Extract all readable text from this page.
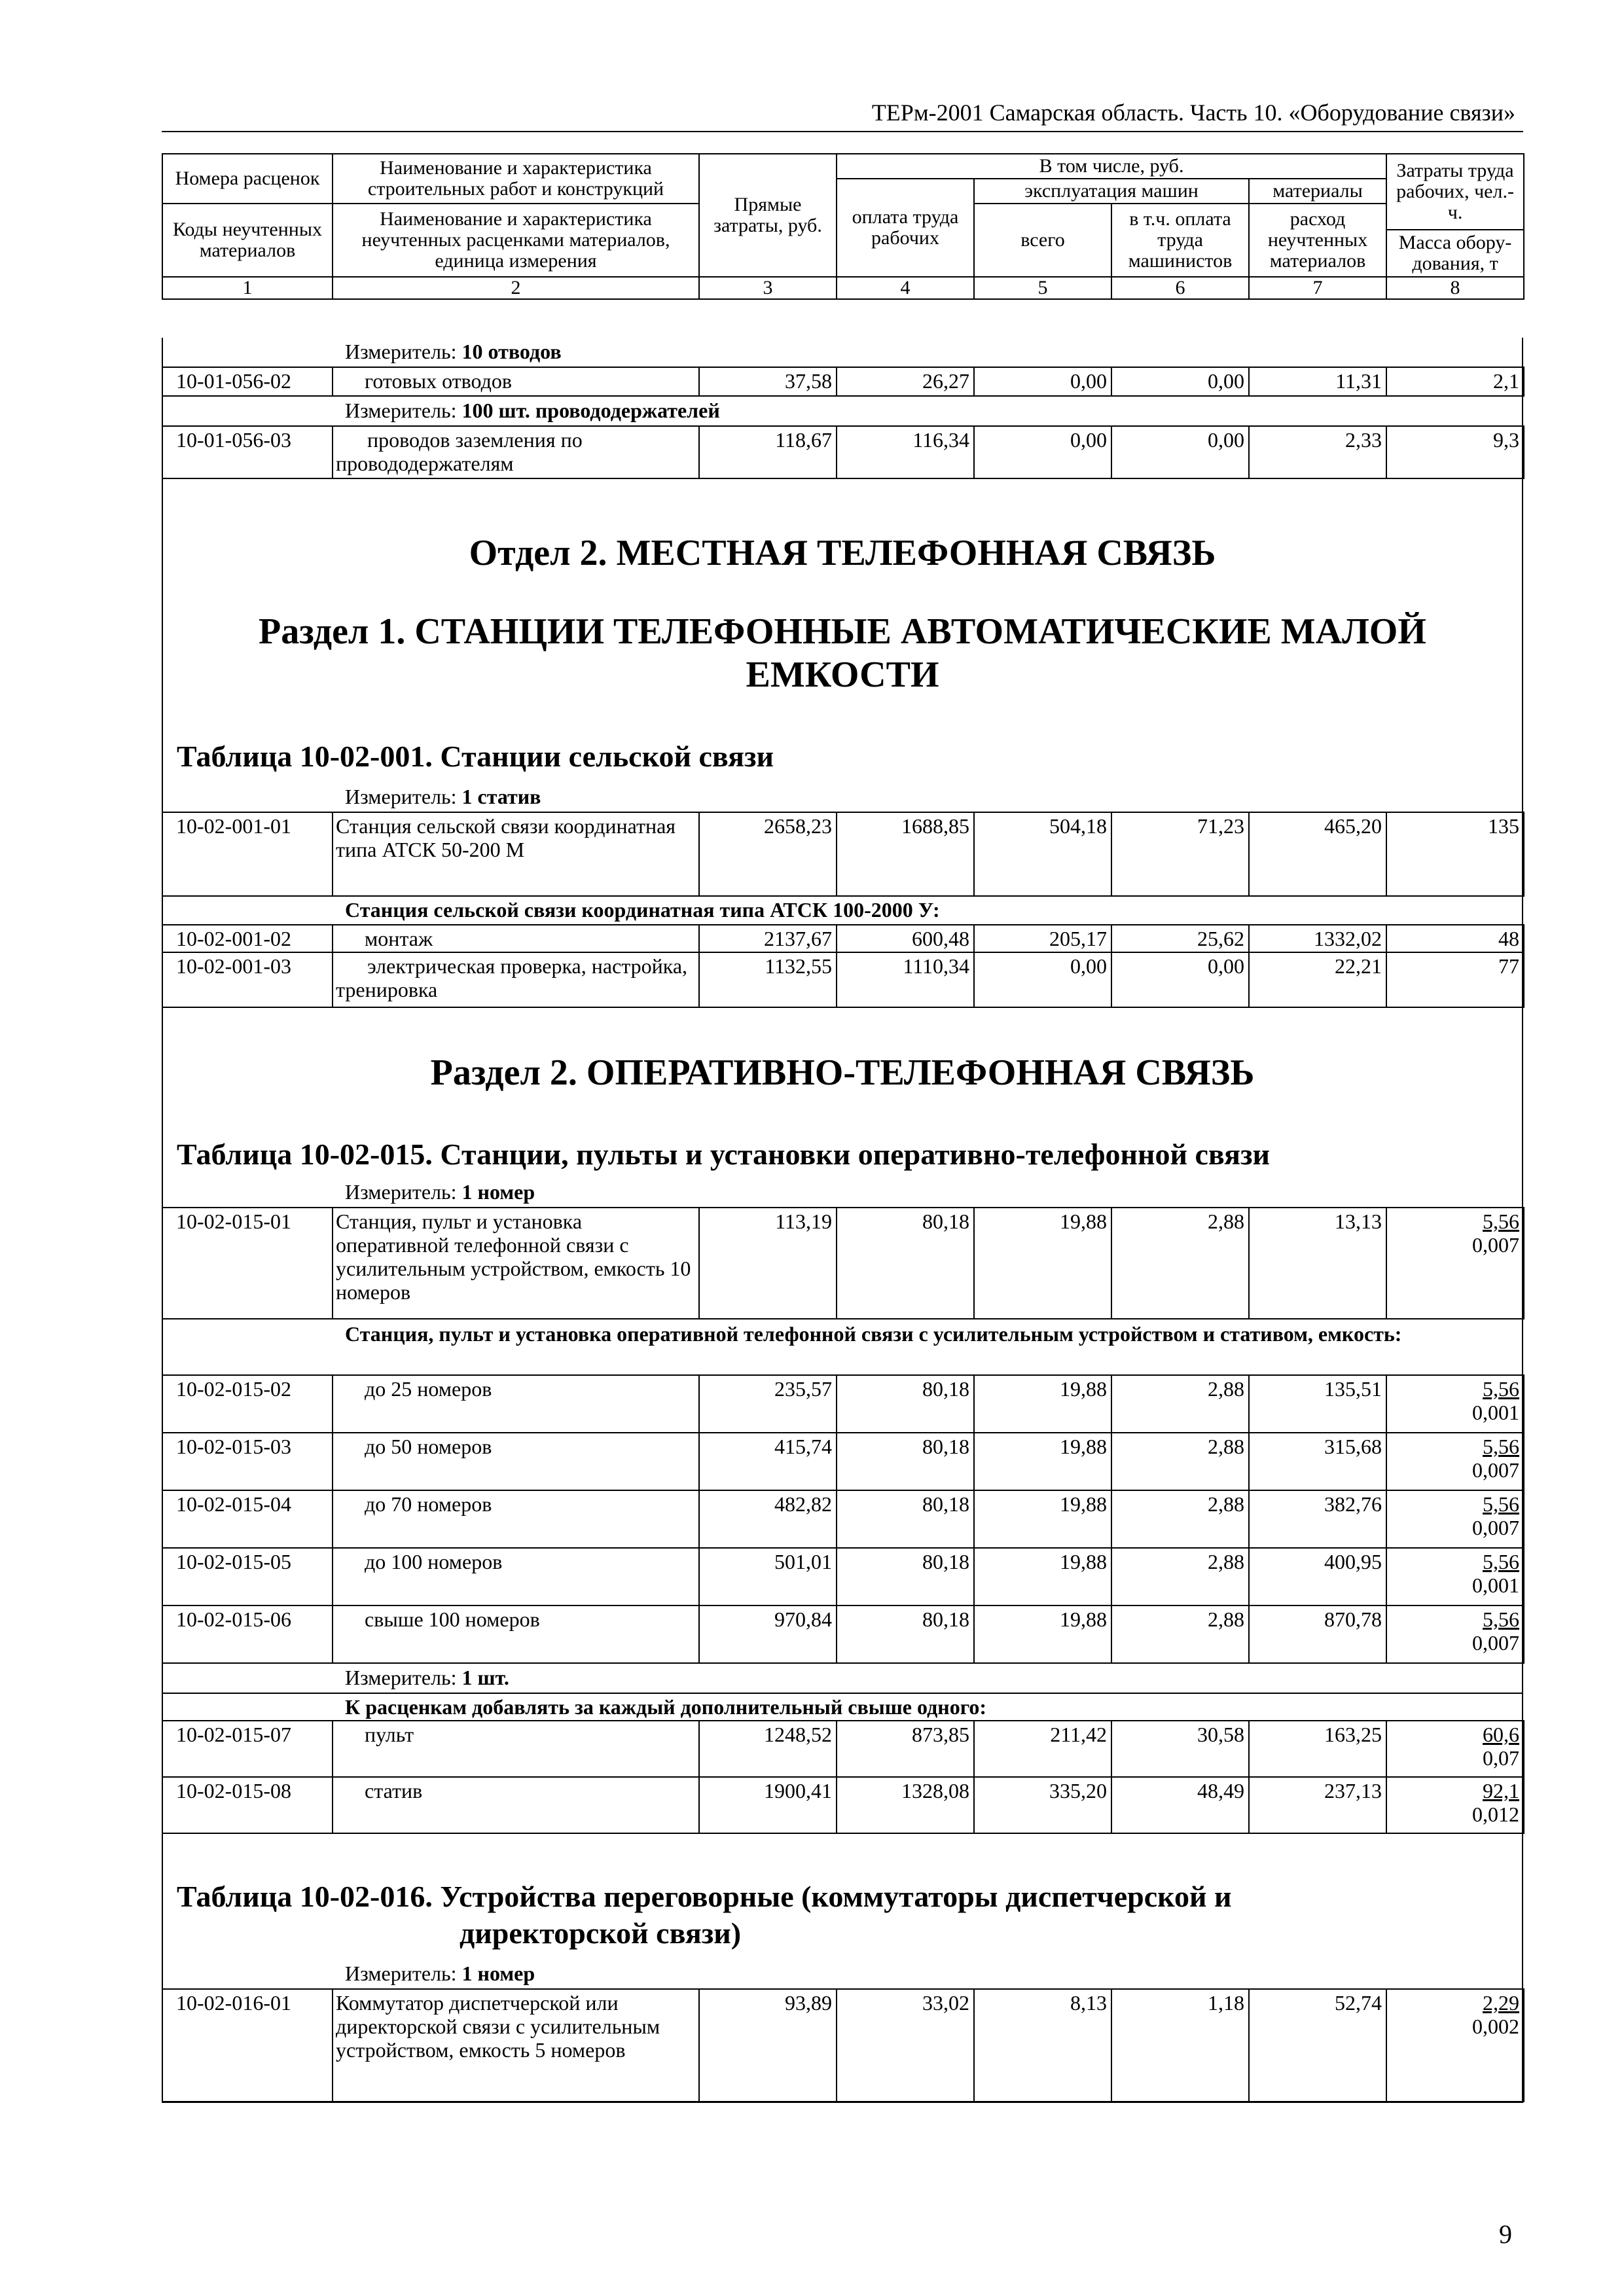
ТЕРм-2001 Самарская область. Часть 10. «Оборудование связи»
Номера расценок	Наименование и характеристика строительных работ и конструкций	Прямые затраты, руб.	В том числе, руб.				Затраты труда рабочих, чел.-ч.
			оплата труда рабочих	эксплуатация машин		материалы	
Коды неучтенных материалов	Наименование и характеристика неучтенных расценками материалов, единица измерения			всего	в т.ч. оплата труда машинистов	расход неучтенных материалов	
							Масса обору-дования, т
1	2	3	4	5	6	7	8
Измеритель: 10 отводов
10-01-056-02	готовых отводов	37,58	26,27	0,00	0,00	11,31	2,1
Измеритель: 100 шт. провододержателей
10-01-056-03	проводов заземления по провододержателям	118,67	116,34	0,00	0,00	2,33	9,3
Отдел 2. МЕСТНАЯ ТЕЛЕФОННАЯ СВЯЗЬ
Раздел 1. СТАНЦИИ ТЕЛЕФОННЫЕ АВТОМАТИЧЕСКИЕ МАЛОЙ ЕМКОСТИ
Таблица 10-02-001. Станции сельской связи
Измеритель: 1 статив
10-02-001-01	Станция сельской связи координатная типа АТСК 50-200 М	2658,23	1688,85	504,18	71,23	465,20	135
Станция сельской связи координатная типа АТСК 100-2000 У:
10-02-001-02	монтаж	2137,67	600,48	205,17	25,62	1332,02	48
10-02-001-03	электрическая проверка, настройка, тренировка	1132,55	1110,34	0,00	0,00	22,21	77
Раздел 2. ОПЕРАТИВНО-ТЕЛЕФОННАЯ СВЯЗЬ
Таблица 10-02-015. Станции, пульты и установки оперативно-телефонной связи
Измеритель: 1 номер
10-02-015-01	Станция, пульт и установка оперативной телефонной связи с усилительным устройством, емкость 10 номеров	113,19	80,18	19,88	2,88	13,13	5,56
0,007
Станция, пульт и установка оперативной телефонной связи с усилительным устройством и стативом, емкость:
10-02-015-02	до 25 номеров	235,57	80,18	19,88	2,88	135,51	5,56
0,001
10-02-015-03	до 50 номеров	415,74	80,18	19,88	2,88	315,68	5,56
0,007
10-02-015-04	до 70 номеров	482,82	80,18	19,88	2,88	382,76	5,56
0,007
10-02-015-05	до 100 номеров	501,01	80,18	19,88	2,88	400,95	5,56
0,001
10-02-015-06	свыше 100 номеров	970,84	80,18	19,88	2,88	870,78	5,56
0,007
Измеритель: 1 шт.
К расценкам добавлять за каждый дополнительный свыше одного:
10-02-015-07	пульт	1248,52	873,85	211,42	30,58	163,25	60,6
0,07
10-02-015-08	статив	1900,41	1328,08	335,20	48,49	237,13	92,1
0,012
Таблица 10-02-016. Устройства переговорные (коммутаторы диспетчерской и
директорской связи)
Измеритель: 1 номер
10-02-016-01	Коммутатор диспетчерской или директорской связи с усилительным устройством, емкость 5 номеров	93,89	33,02	8,13	1,18	52,74	2,29
0,002
9
